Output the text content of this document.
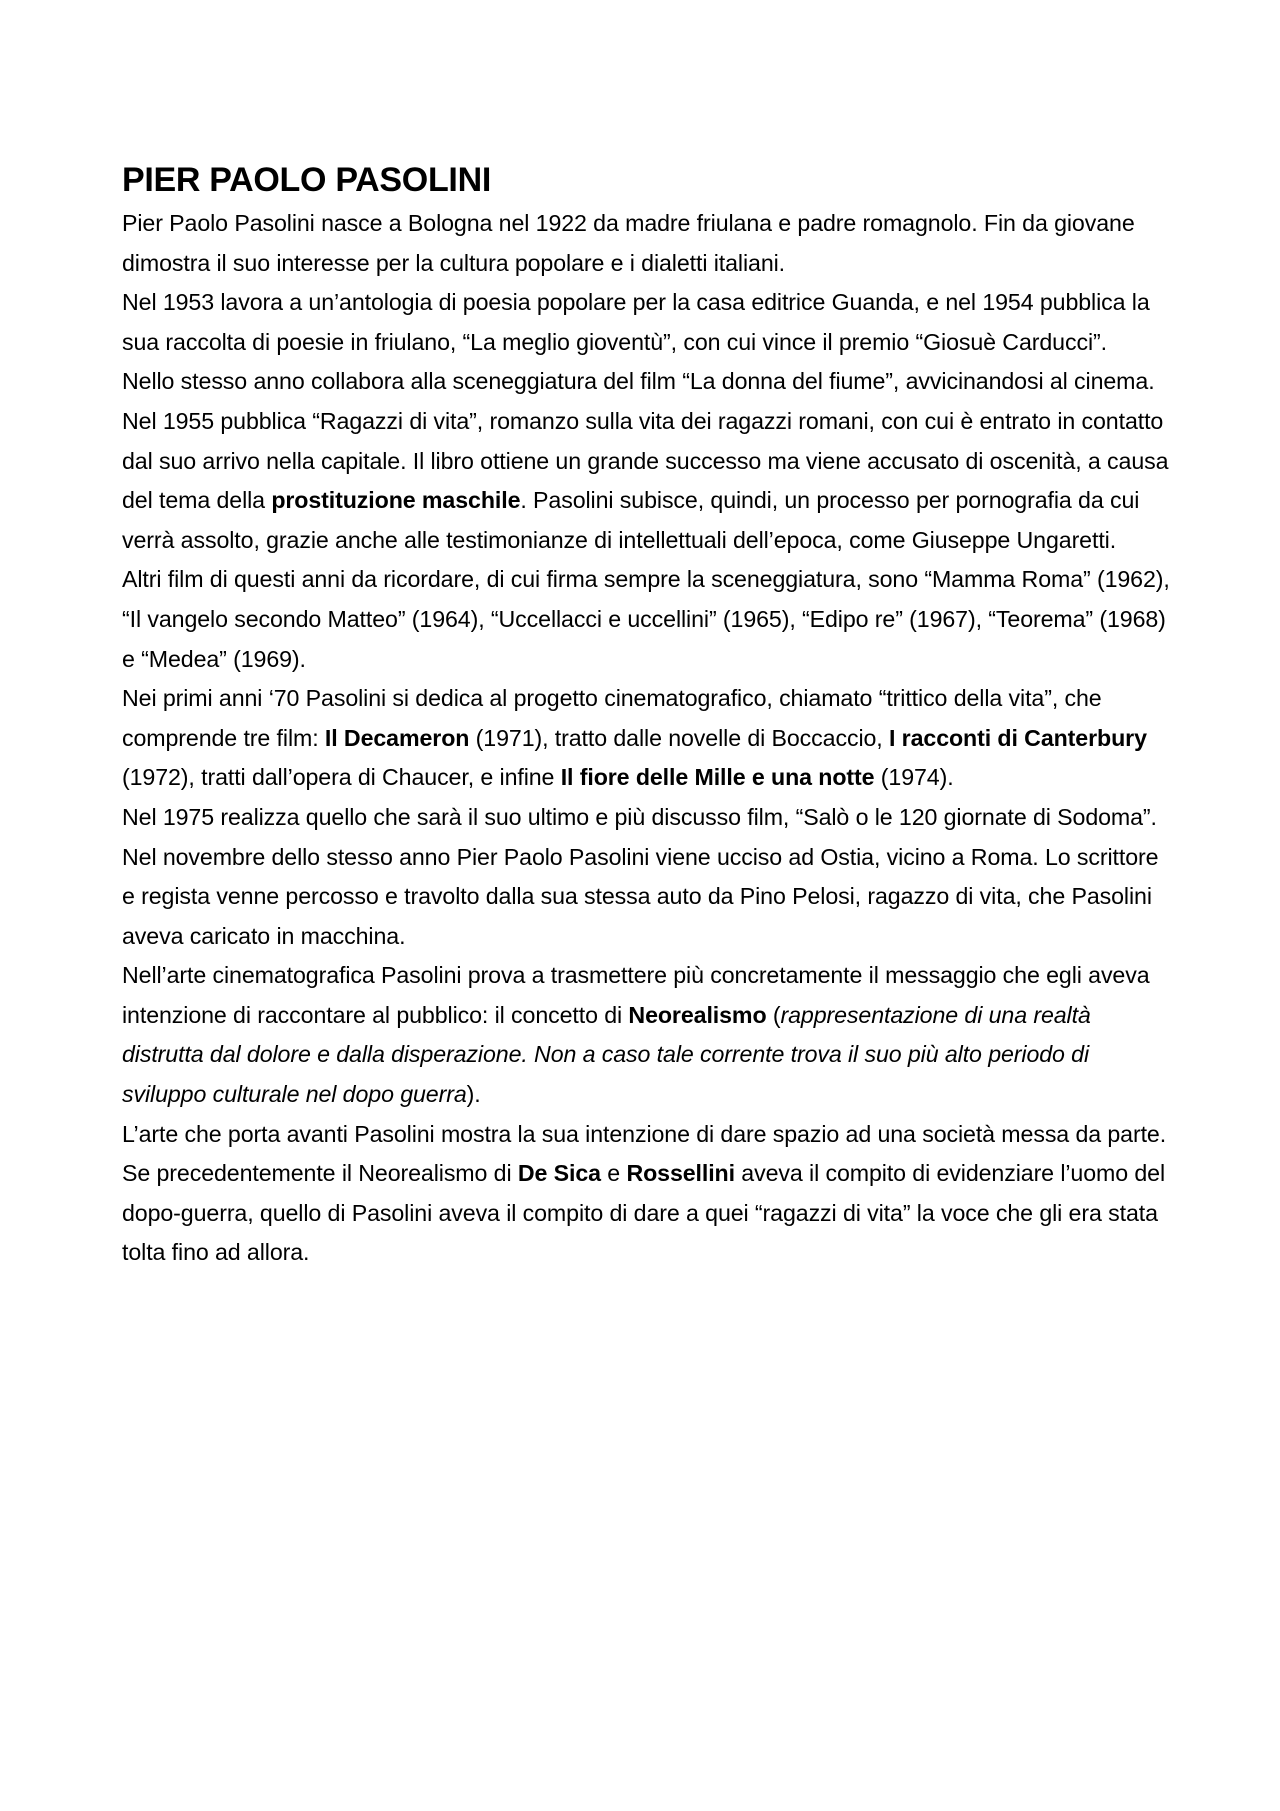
PIER PAOLO PASOLINI

Pier Paolo Pasolini nasce a Bologna nel 1922 da madre friulana e padre romagnolo. Fin da giovane dimostra il suo interesse per la cultura popolare e i dialetti italiani.

Nel 1953 lavora a un’antologia di poesia popolare per la casa editrice Guanda, e nel 1954 pubblica la sua raccolta di poesie in friulano, “La meglio gioventù”, con cui vince il premio “Giosuè Carducci”.

Nello stesso anno collabora alla sceneggiatura del film “La donna del fiume”, avvicinandosi al cinema. Nel 1955 pubblica “Ragazzi di vita”, romanzo sulla vita dei ragazzi romani, con cui è entrato in contatto dal suo arrivo nella capitale. Il libro ottiene un grande successo ma viene accusato di oscenità, a causa del tema della prostituzione maschile. Pasolini subisce, quindi, un processo per pornografia da cui verrà assolto, grazie anche alle testimonianze di intellettuali dell’epoca, come Giuseppe Ungaretti.

Altri film di questi anni da ricordare, di cui firma sempre la sceneggiatura, sono “Mamma Roma” (1962), “Il vangelo secondo Matteo” (1964), “Uccellacci e uccellini” (1965), “Edipo re” (1967), “Teorema” (1968) e “Medea” (1969).

Nei primi anni ‘70 Pasolini si dedica al progetto cinematografico, chiamato “trittico della vita”, che comprende tre film: Il Decameron (1971), tratto dalle novelle di Boccaccio, I racconti di Canterbury (1972), tratti dall’opera di Chaucer, e infine Il fiore delle Mille e una notte (1974).

Nel 1975 realizza quello che sarà il suo ultimo e più discusso film, “Salò o le 120 giornate di Sodoma”.

Nel novembre dello stesso anno Pier Paolo Pasolini viene ucciso ad Ostia, vicino a Roma. Lo scrittore e regista venne percosso e travolto dalla sua stessa auto da Pino Pelosi, ragazzo di vita, che Pasolini aveva caricato in macchina.

Nell’arte cinematografica Pasolini prova a trasmettere più concretamente il messaggio che egli aveva intenzione di raccontare al pubblico: il concetto di Neorealismo (rappresentazione di una realtà distrutta dal dolore e dalla disperazione. Non a caso tale corrente trova il suo più alto periodo di sviluppo culturale nel dopo guerra).

L’arte che porta avanti Pasolini mostra la sua intenzione di dare spazio ad una società messa da parte. Se precedentemente il Neorealismo di De Sica e Rossellini aveva il compito di evidenziare l’uomo del dopo-guerra, quello di Pasolini aveva il compito di dare a quei “ragazzi di vita” la voce che gli era stata tolta fino ad allora.
